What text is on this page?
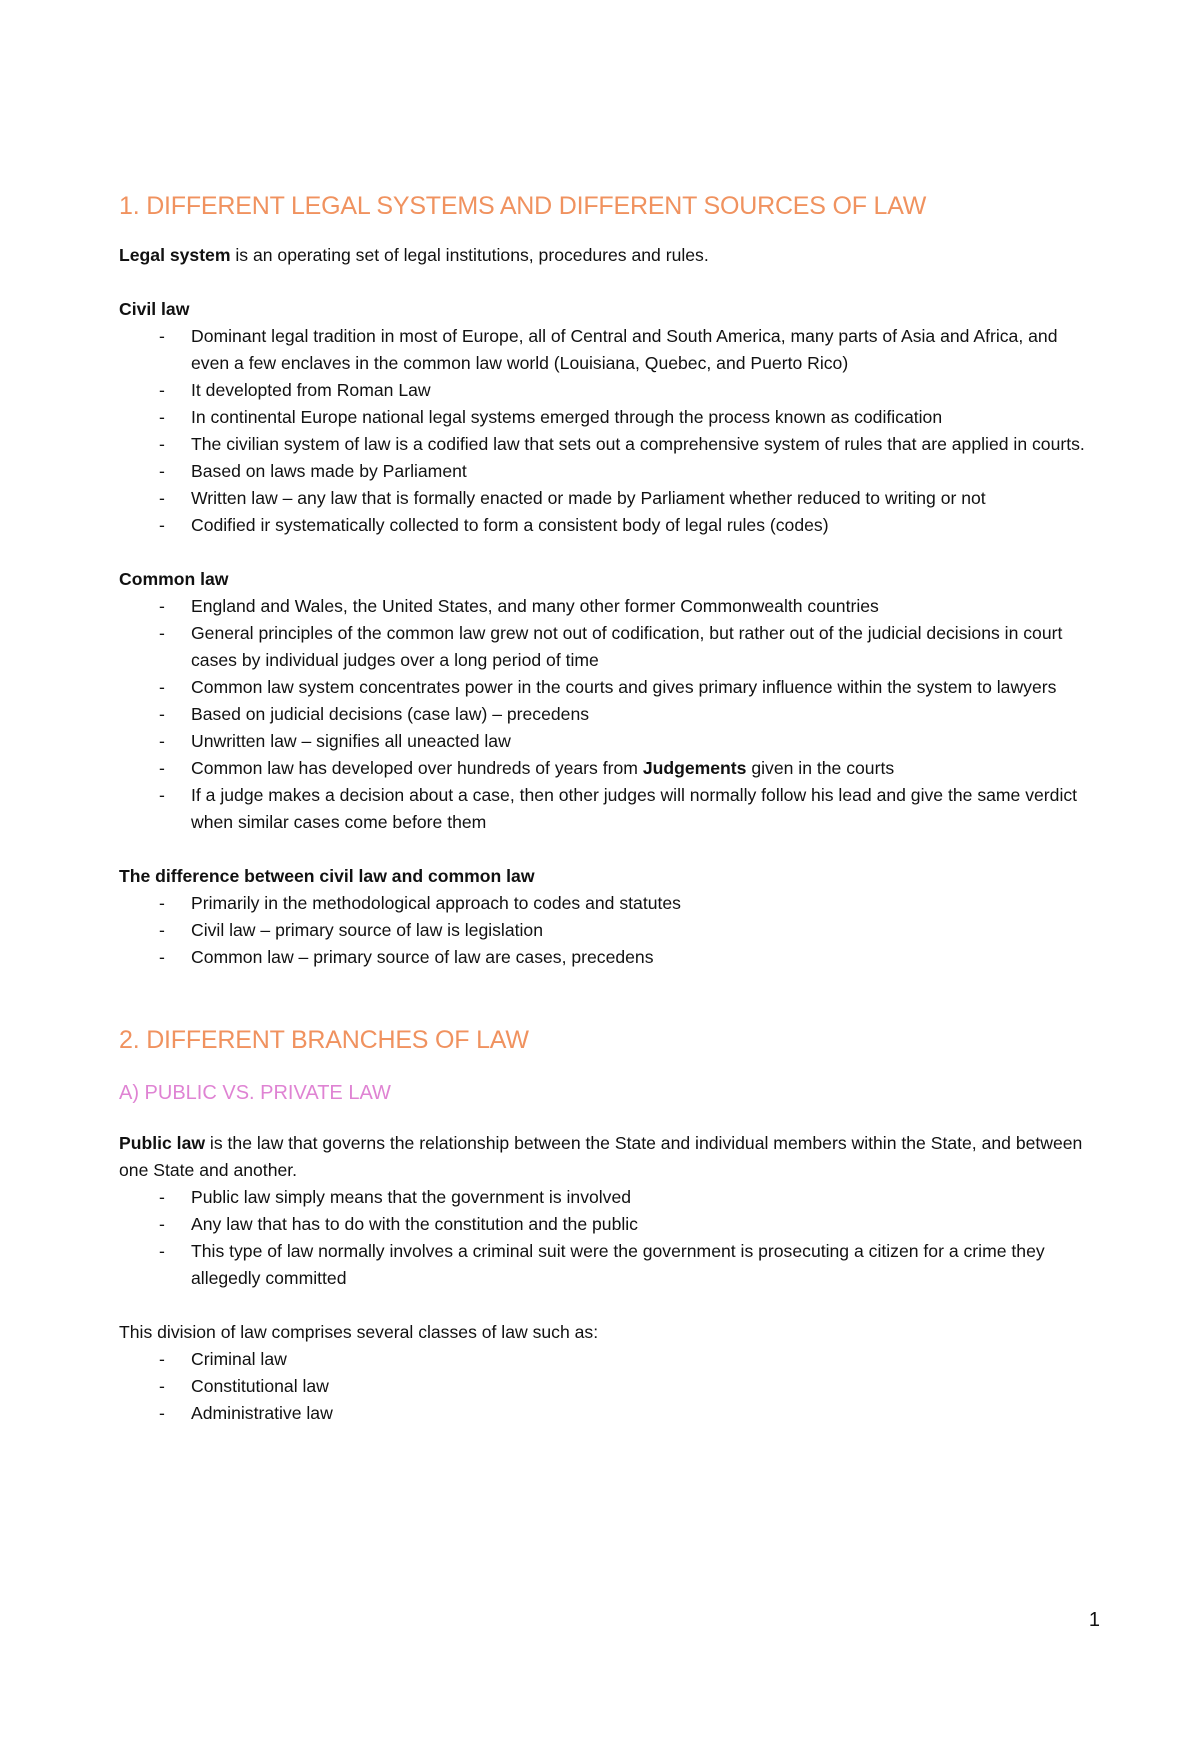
1. DIFFERENT LEGAL SYSTEMS AND DIFFERENT SOURCES OF LAW

Legal system is an operating set of legal institutions, procedures and rules.

Civil law

- Dominant legal tradition in most of Europe, all of Central and South America, many parts of Asia and Africa, and even a few enclaves in the common law world (Louisiana, Quebec, and Puerto Rico)
- It developted from Roman Law
- In continental Europe national legal systems emerged through the process known as codification
- The civilian system of law is a codified law that sets out a comprehensive system of rules that are applied in courts.
- Based on laws made by Parliament
- Written law – any law that is formally enacted or made by Parliament whether reduced to writing or not
- Codified ir systematically collected to form a consistent body of legal rules (codes)

Common law

- England and Wales, the United States, and many other former Commonwealth countries
- General principles of the common law grew not out of codification, but rather out of the judicial decisions in court cases by individual judges over a long period of time
- Common law system concentrates power in the courts and gives primary influence within the system to lawyers
- Based on judicial decisions (case law) – precedens
- Unwritten law – signifies all uneacted law
- Common law has developed over hundreds of years from Judgements given in the courts
- If a judge makes a decision about a case, then other judges will normally follow his lead and give the same verdict when similar cases come before them

The difference between civil law and common law

- Primarily in the methodological approach to codes and statutes
- Civil law – primary source of law is legislation
- Common law – primary source of law are cases, precedens
2. DIFFERENT BRANCHES OF LAW
A) PUBLIC VS. PRIVATE LAW

Public law is the law that governs the relationship between the State and individual members within the State, and between one State and another.

- Public law simply means that the government is involved
- Any law that has to do with the constitution and the public
- This type of law normally involves a criminal suit were the government is prosecuting a citizen for a crime they allegedly committed

This division of law comprises several classes of law such as:

- Criminal law
- Constitutional law
- Administrative law
1
